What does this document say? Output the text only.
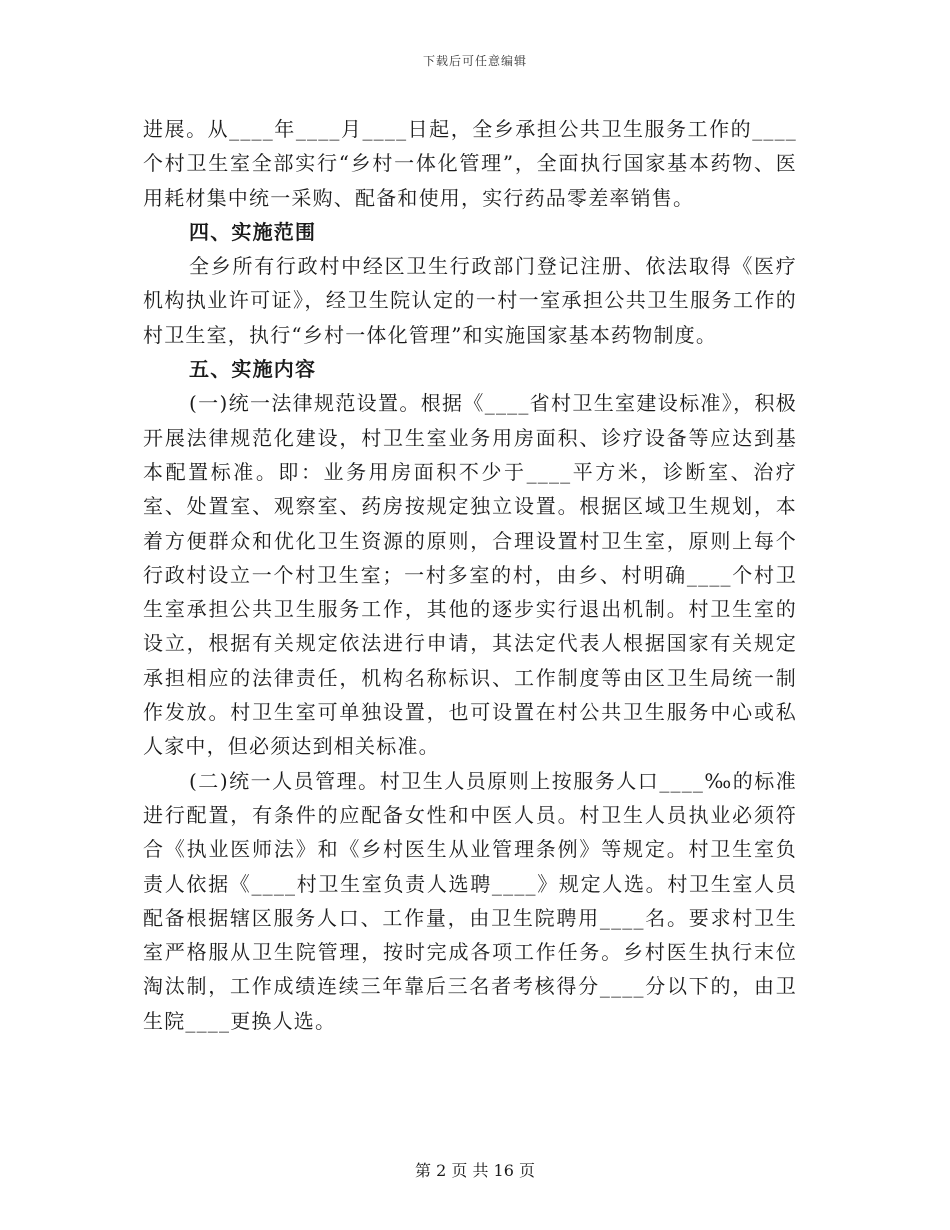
下载后可任意编辑

进展。从____年____月____日起，全乡承担公共卫生服务工作的____个村卫生室全部实行“乡村一体化管理”，全面执行国家基本药物、医用耗材集中统一采购、配备和使用，实行药品零差率销售。

四、实施范围

全乡所有行政村中经区卫生行政部门登记注册、依法取得《医疗机构执业许可证》，经卫生院认定的一村一室承担公共卫生服务工作的村卫生室，执行“乡村一体化管理”和实施国家基本药物制度。

五、实施内容

(一)统一法律规范设置。根据《____省村卫生室建设标准》，积极开展法律规范化建设，村卫生室业务用房面积、诊疗设备等应达到基本配置标准。即：业务用房面积不少于____平方米，诊断室、治疗室、处置室、观察室、药房按规定独立设置。根据区域卫生规划，本着方便群众和优化卫生资源的原则，合理设置村卫生室，原则上每个行政村设立一个村卫生室；一村多室的村，由乡、村明确____个村卫生室承担公共卫生服务工作，其他的逐步实行退出机制。村卫生室的设立，根据有关规定依法进行申请，其法定代表人根据国家有关规定承担相应的法律责任，机构名称标识、工作制度等由区卫生局统一制作发放。村卫生室可单独设置，也可设置在村公共卫生服务中心或私人家中，但必须达到相关标准。

(二)统一人员管理。村卫生人员原则上按服务人口____‰的标准进行配置，有条件的应配备女性和中医人员。村卫生人员执业必须符合《执业医师法》和《乡村医生从业管理条例》等规定。村卫生室负责人依据《____村卫生室负责人选聘____》规定人选。村卫生室人员配备根据辖区服务人口、工作量，由卫生院聘用____名。要求村卫生室严格服从卫生院管理，按时完成各项工作任务。乡村医生执行末位淘汰制，工作成绩连续三年靠后三名者考核得分____分以下的，由卫生院____更换人选。

第 2 页 共 16 页
